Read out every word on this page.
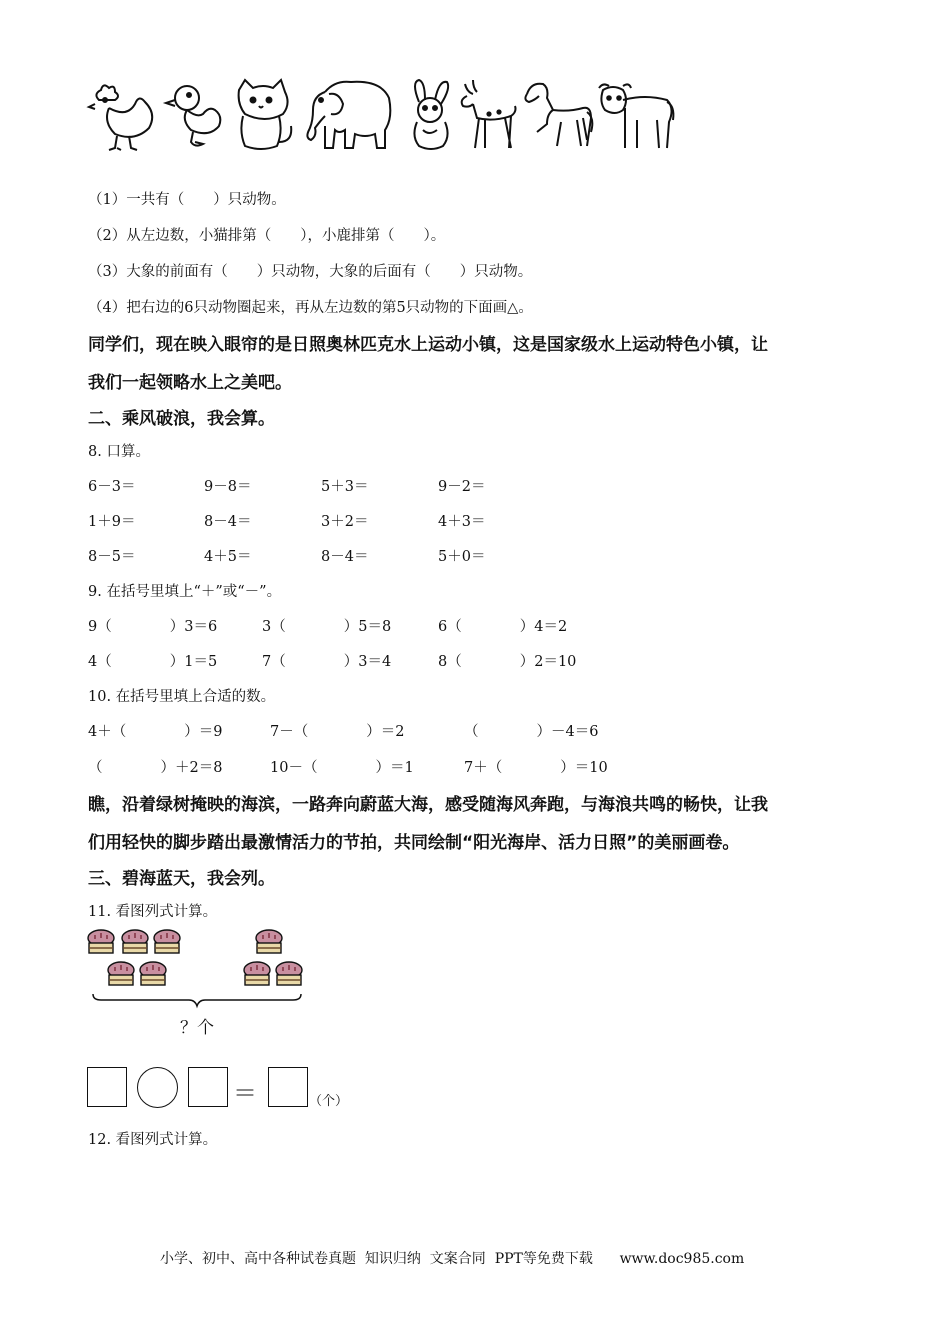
（1）一共有（　　）只动物。
（2）从左边数，小猫排第（　　），小鹿排第（　　）。
（3）大象的前面有（　　）只动物，大象的后面有（　　）只动物。
（4）把右边的6只动物圈起来，再从左边数的第5只动物的下面画△。
同学们，现在映入眼帘的是日照奥林匹克水上运动小镇，这是国家级水上运动特色小镇，让
我们一起领略水上之美吧。
二、乘风破浪，我会算。
8. 口算。
6－3＝	9－8＝	5＋3＝	9－2＝
1＋9＝	8－4＝	3＋2＝	4＋3＝
8－5＝	4＋5＝	8－4＝	5＋0＝
9. 在括号里填上“＋”或“－”。
9（　　　　）3＝6	3（　　　　）5＝8	6（　　　　）4＝2
4（　　　　）1＝5	7（　　　　）3＝4	8（　　　　）2＝10
10. 在括号里填上合适的数。
4＋（　　　　）＝9	7－（　　　　）＝2	（　　　　）－4＝6
（　　　　）＋2＝8	10－（　　　　）＝1	7＋（　　　　）＝10
瞧，沿着绿树掩映的海滨，一路奔向蔚蓝大海，感受随海风奔跑，与海浪共鸣的畅快，让我
们用轻快的脚步踏出最激情活力的节拍，共同绘制“阳光海岸、活力日照”的美丽画卷。
三、碧海蓝天，我会列。
11. 看图列式计算。
？个
＝	（个）
12. 看图列式计算。
小学、初中、高中各种试卷真题  知识归纳  文案合同  PPT等免费下载      www.doc985.com
